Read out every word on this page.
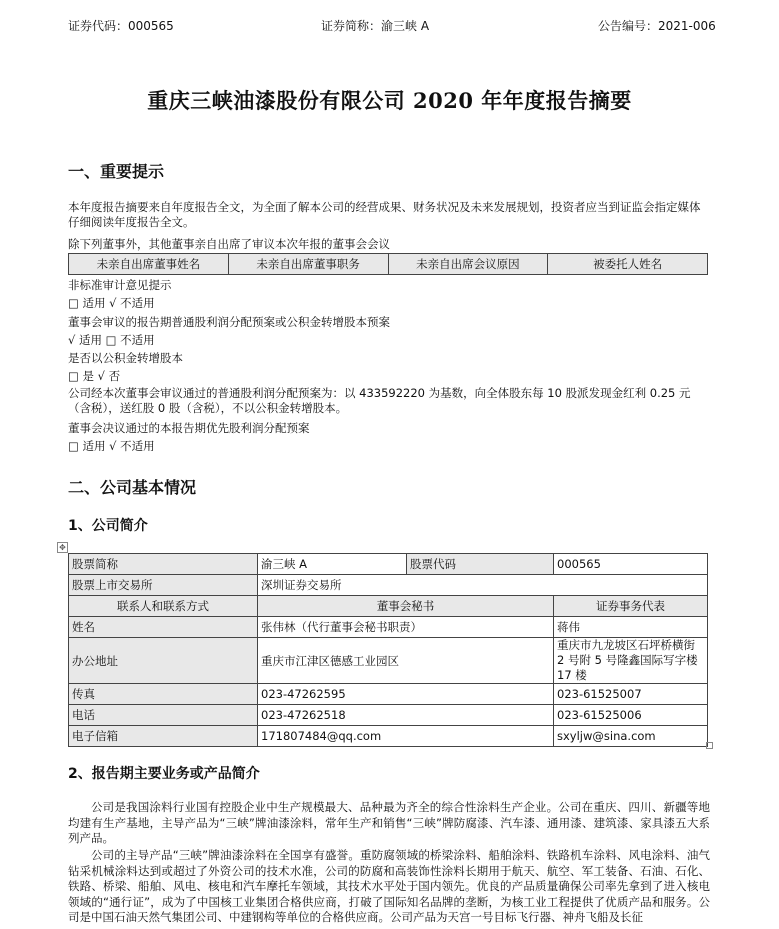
证券代码：000565	证券简称：渝三峡 A	公告编号：2021-006
重庆三峡油漆股份有限公司 2020 年年度报告摘要
一、重要提示
本年度报告摘要来自年度报告全文，为全面了解本公司的经营成果、财务状况及未来发展规划，投资者应当到证监会指定媒体仔细阅读年度报告全文。
除下列董事外，其他董事亲自出席了审议本次年报的董事会会议
未亲自出席董事姓名	未亲自出席董事职务	未亲自出席会议原因	被委托人姓名
非标准审计意见提示
□ 适用 √ 不适用
董事会审议的报告期普通股利润分配预案或公积金转增股本预案
√ 适用 □ 不适用
是否以公积金转增股本
□ 是 √ 否
公司经本次董事会审议通过的普通股利润分配预案为：以 433592220 为基数，向全体股东每 10 股派发现金红利 0.25 元（含税），送红股 0 股（含税），不以公积金转增股本。
董事会决议通过的本报告期优先股利润分配预案
□ 适用 √ 不适用
二、公司基本情况
1、公司简介
✥
股票简称	渝三峡 A	股票代码	000565
股票上市交易所	深圳证券交易所		
联系人和联系方式	董事会秘书		证券事务代表
姓名	张伟林（代行董事会秘书职责）		蒋伟
办公地址	重庆市江津区德感工业园区		重庆市九龙坡区石坪桥横街 2 号附 5 号隆鑫国际写字楼 17 楼
传真	023-47262595		023-61525007
电话	023-47262518		023-61525006
电子信箱	171807484@qq.com		sxyljw@sina.com
2、报告期主要业务或产品简介
公司是我国涂料行业国有控股企业中生产规模最大、品种最为齐全的综合性涂料生产企业。公司在重庆、四川、新疆等地均建有生产基地，主导产品为“三峡”牌油漆涂料，常年生产和销售“三峡”牌防腐漆、汽车漆、通用漆、建筑漆、家具漆五大系列产品。
公司的主导产品“三峡”牌油漆涂料在全国享有盛誉。重防腐领域的桥梁涂料、船舶涂料、铁路机车涂料、风电涂料、油气钻采机械涂料达到或超过了外资公司的技术水准，公司的防腐和高装饰性涂料长期用于航天、航空、军工装备、石油、石化、铁路、桥梁、船舶、风电、核电和汽车摩托车领域，其技术水平处于国内领先。优良的产品质量确保公司率先拿到了进入核电领域的“通行证”，成为了中国核工业集团合格供应商，打破了国际知名品牌的垄断，为核工业工程提供了优质产品和服务。公司是中国石油天然气集团公司、中建钢构等单位的合格供应商。公司产品为天宫一号目标飞行器、神舟飞船及长征
